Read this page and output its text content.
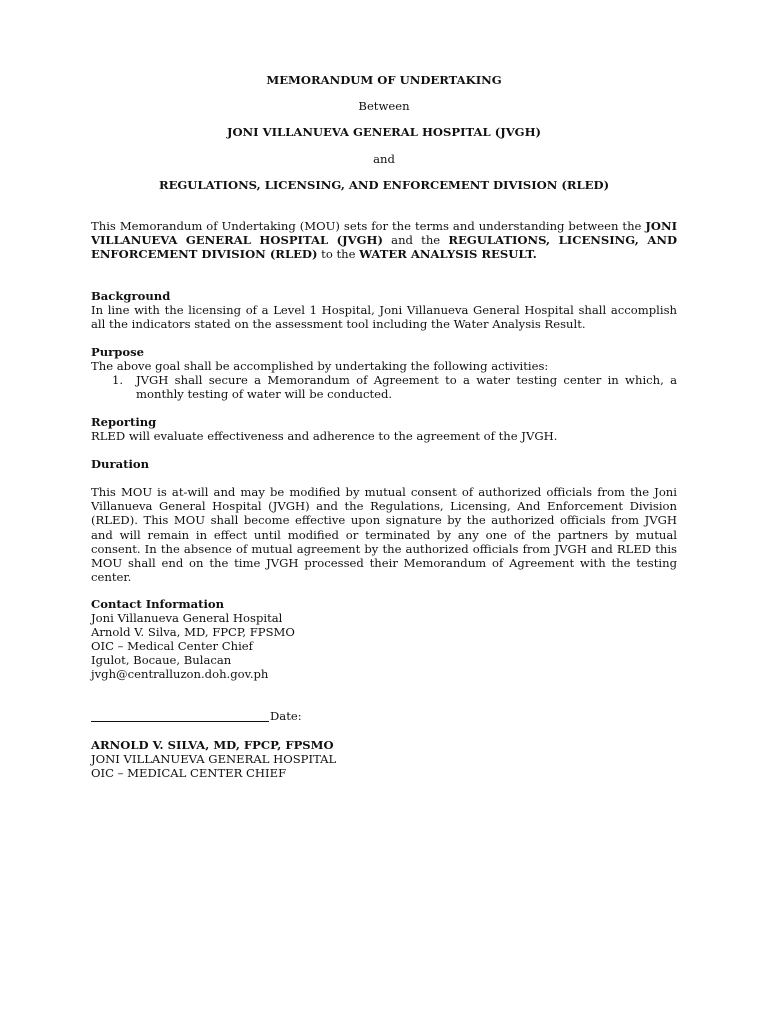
MEMORANDUM OF UNDERTAKING
Between
JONI VILLANUEVA GENERAL HOSPITAL (JVGH)
and
REGULATIONS, LICENSING, AND ENFORCEMENT DIVISION (RLED)
This Memorandum of Undertaking (MOU) sets for the terms and understanding between the JONI VILLANUEVA GENERAL HOSPITAL (JVGH) and the REGULATIONS, LICENSING, AND ENFORCEMENT DIVISION (RLED) to the WATER ANALYSIS RESULT.
Background
In line with the licensing of a Level 1 Hospital, Joni Villanueva General Hospital shall accomplish all the indicators stated on the assessment tool including the Water Analysis Result.
Purpose
The above goal shall be accomplished by undertaking the following activities:
1.	JVGH shall secure a Memorandum of Agreement to a water testing center in which, a monthly testing of water will be conducted.
Reporting
RLED will evaluate effectiveness and adherence to the agreement of the JVGH.
Duration
This MOU is at-will and may be modified by mutual consent of authorized officials from the Joni Villanueva General Hospital (JVGH) and the Regulations, Licensing, And Enforcement Division (RLED). This MOU shall become effective upon signature by the authorized officials from JVGH and will remain in effect until modified or terminated by any one of the partners by mutual consent. In the absence of mutual agreement by the authorized officials from JVGH and RLED this MOU shall end on the time JVGH processed their Memorandum of Agreement with the testing center.
Contact Information
Joni Villanueva General Hospital
Arnold V. Silva, MD, FPCP, FPSMO
OIC – Medical Center Chief
Igulot, Bocaue, Bulacan
jvgh@centralluzon.doh.gov.ph
Date:
ARNOLD V. SILVA, MD, FPCP, FPSMO
JONI VILLANUEVA GENERAL HOSPITAL
OIC – MEDICAL CENTER CHIEF
